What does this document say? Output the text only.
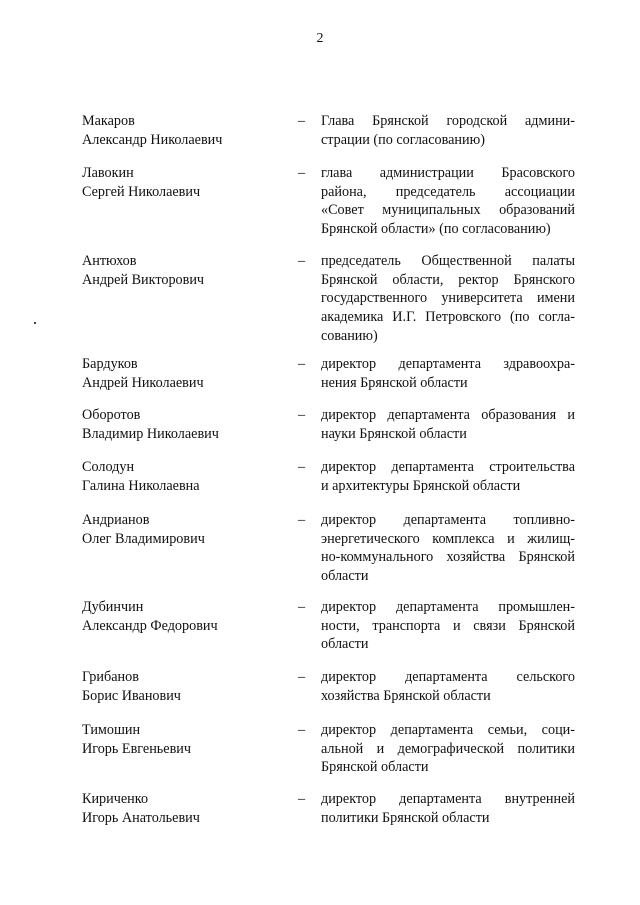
2
Макаров
Александр Николаевич
– Глава Брянской городской админи-
страции (по согласованию)
Лавокин
Сергей Николаевич
– глава администрации Брасовского
района, председатель ассоциации
«Совет муниципальных образований
Брянской области» (по согласованию)
Антюхов
Андрей Викторович
– председатель Общественной палаты
Брянской области, ректор Брянского
государственного университета имени
академика И.Г. Петровского (по согла-
сованию)
Бардуков
Андрей Николаевич
– директор департамента здравоохра-
нения Брянской области
Оборотов
Владимир Николаевич
– директор департамента образования и
науки Брянской области
Солодун
Галина Николаевна
– директор департамента строительства
и архитектуры Брянской области
Андрианов
Олег Владимирович
– директор департамента топливно-
энергетического комплекса и жилищ-
но-коммунального хозяйства Брянской
области
Дубинчин
Александр Федорович
– директор департамента промышлен-
ности, транспорта и связи Брянской
области
Грибанов
Борис Иванович
– директор департамента сельского
хозяйства Брянской области
Тимошин
Игорь Евгеньевич
– директор департамента семьи, соци-
альной и демографической политики
Брянской области
Кириченко
Игорь Анатольевич
– директор департамента внутренней
политики Брянской области
